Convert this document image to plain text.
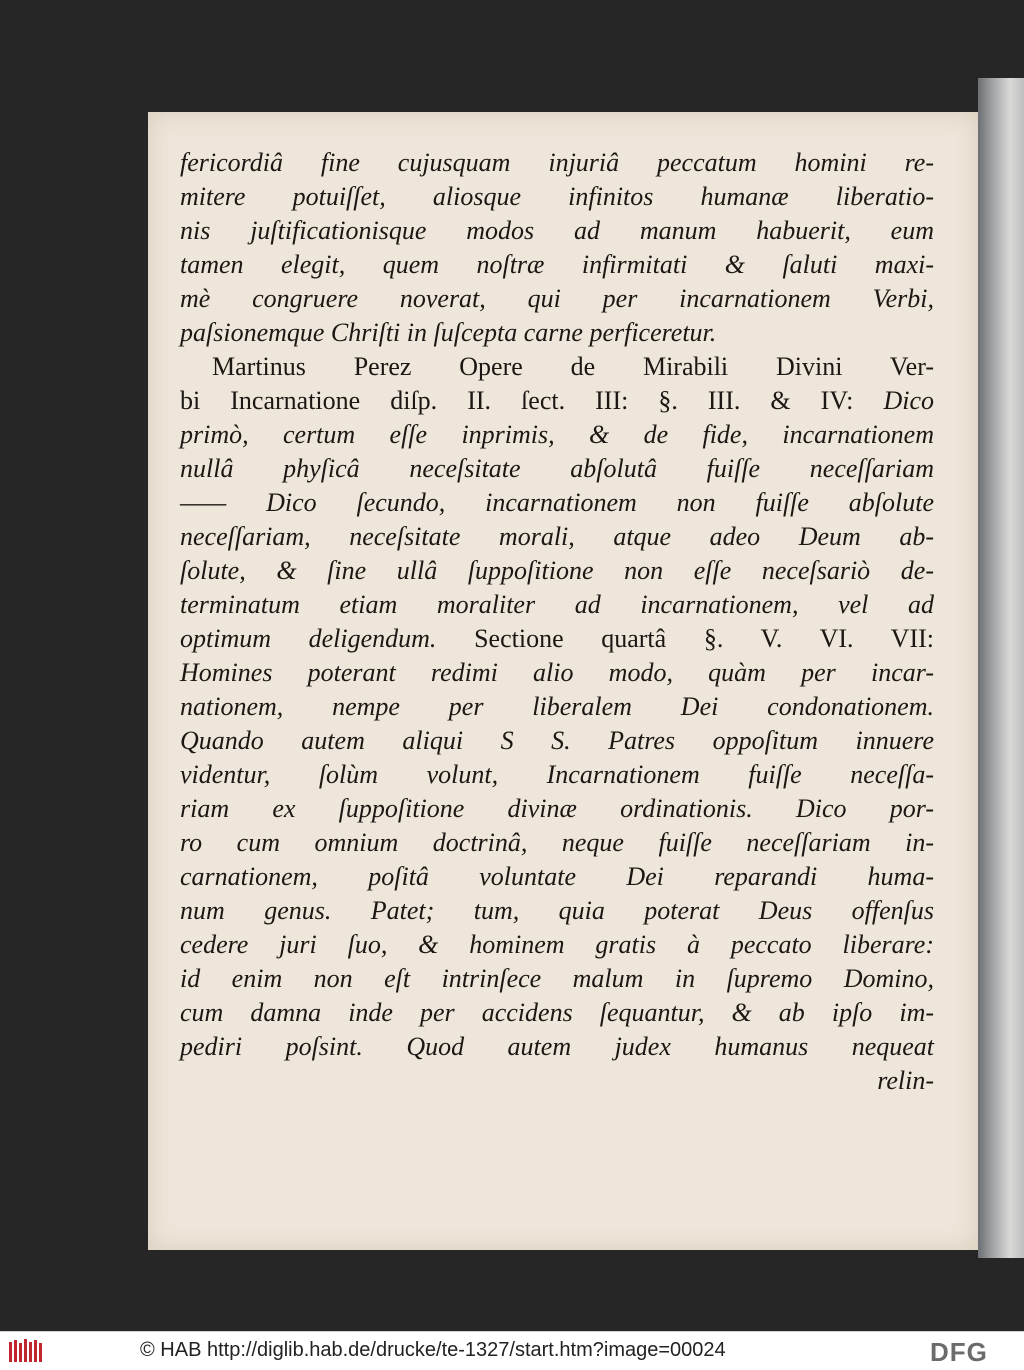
fericordiâ fine cujusquam injuriâ peccatum homini re-
mitere potuiſſet, aliosque infinitos humanæ liberatio-
nis juſtificationisque modos ad manum habuerit, eum
tamen elegit, quem noſtræ infirmitati & ſaluti maxi-
mè congruere noverat, qui per incarnationem Verbi,
paſsionemque Chriſti in ſuſcepta carne perficeretur.
Martinus Perez Opere de Mirabili Divini Ver-
bi Incarnatione diſp. II. ſect. III: §. III. & IV: Dico
primò, certum eſſe inprimis, & de fide, incarnationem
nullâ phyſicâ neceſsitate abſolutâ fuiſſe neceſſariam
—— Dico ſecundo, incarnationem non fuiſſe abſolute
neceſſariam, neceſsitate morali, atque adeo Deum ab-
ſolute, & ſine ullâ ſuppoſitione non eſſe neceſsariò de-
terminatum etiam moraliter ad incarnationem, vel ad
optimum deligendum. Sectione quartâ §. V. VI. VII:
Homines poterant redimi alio modo, quàm per incar-
nationem, nempe per liberalem Dei condonationem.
Quando autem aliqui S S. Patres oppoſitum innuere
videntur, ſolùm volunt, Incarnationem fuiſſe neceſſa-
riam ex ſuppoſitione divinæ ordinationis. Dico por-
ro cum omnium doctrinâ, neque fuiſſe neceſſariam in-
carnationem, poſitâ voluntate Dei reparandi huma-
num genus. Patet; tum, quia poterat Deus offenſus
cedere juri ſuo, & hominem gratis à peccato liberare:
id enim non eſt intrinſece malum in ſupremo Domino,
cum damna inde per accidens ſequantur, & ab ipſo im-
pediri poſsint. Quod autem judex humanus nequeat
relin-
© HAB http://diglib.hab.de/drucke/te-1327/start.htm?image=00024	DFG
